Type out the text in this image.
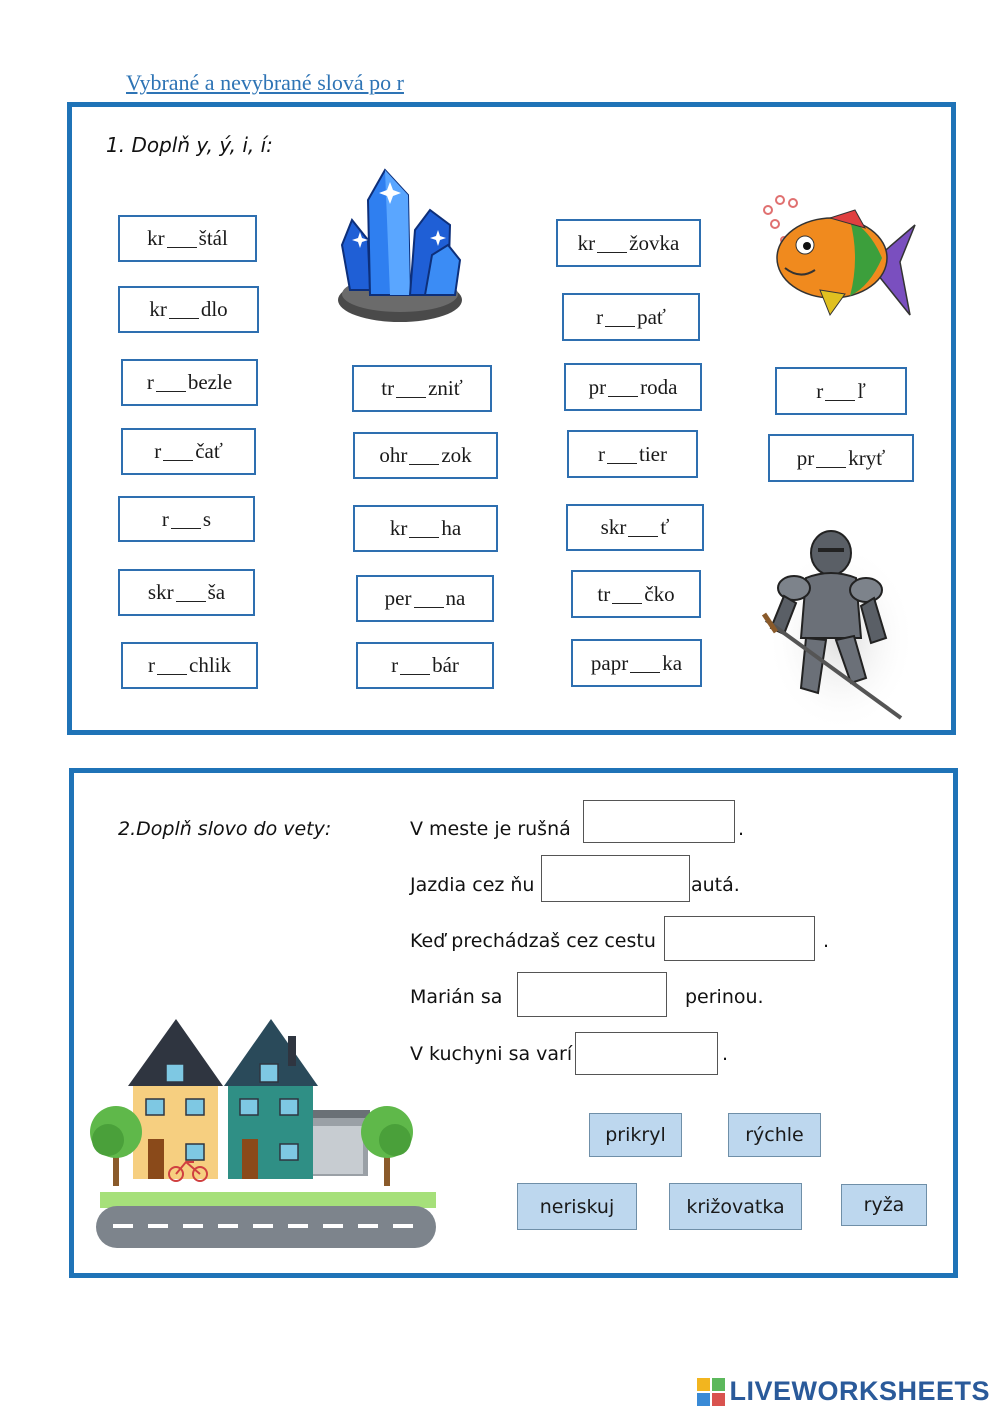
Vybrané a nevybrané slová po r
1. Doplň y, ý, i, í:
kr štál
kr dlo
r bezle
r čať
r s
skr ša
r chlik
tr zniť
ohr zok
kr ha
per na
r bár
kr žovka
r pať
pr roda
r tier
skr ť
tr čko
papr ka
r ľ
pr kryť
2.Doplň slovo do vety:	V meste je rušná	.
Jazdia cez ňu	autá.
Keď prechádzaš cez cestu	.
Marián sa	perinou.
V kuchyni sa varí	.
prikryl	rýchle
neriskuj	križovatka	ryža
LIVEWORKSHEETS
